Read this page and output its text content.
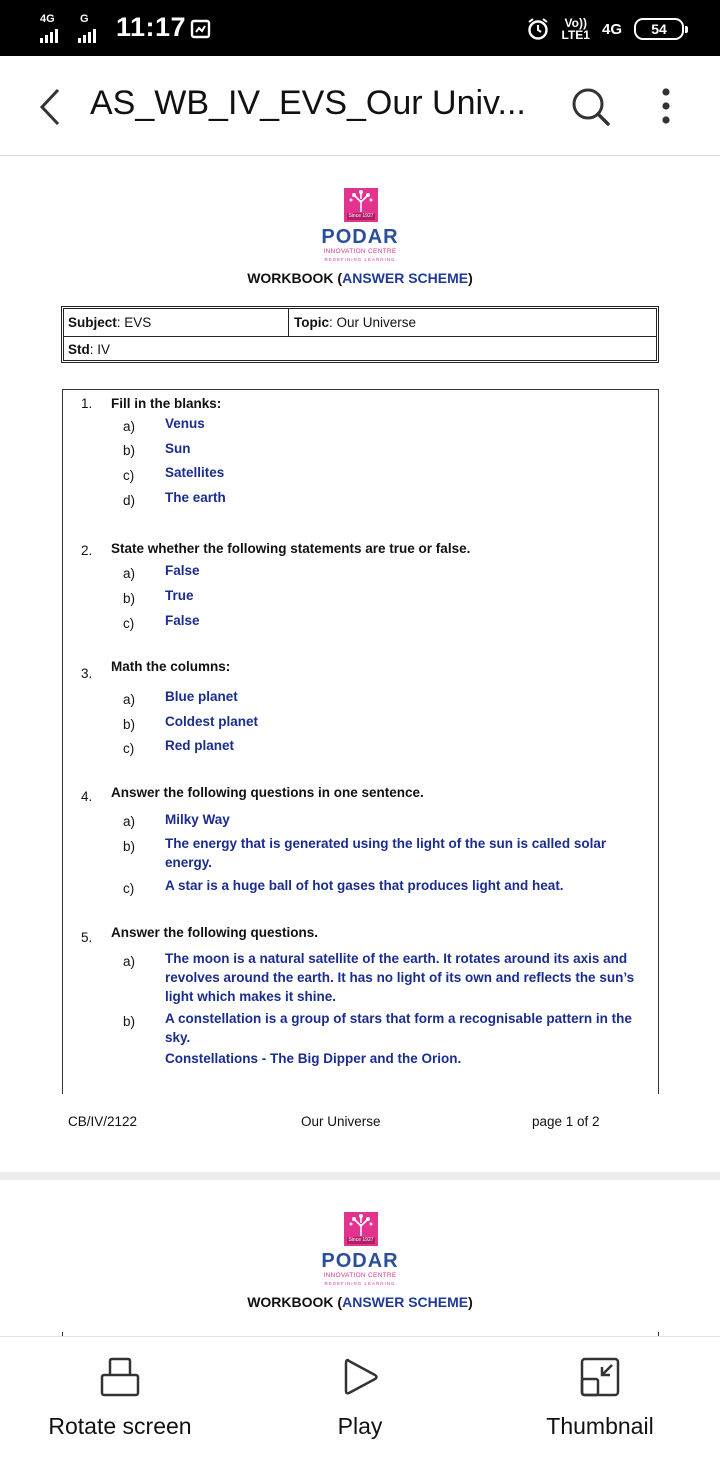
4G G 11:17	Vo))
LTE1 4G 54
AS_WB_IV_EVS_Our Univ...
Since 1927
PODAR
INNOVATION CENTRE
REDEFINING LEARNING
WORKBOOK (ANSWER SCHEME)
Subject: EVS	Topic: Our Universe
Std: IV
1.	Fill in the blanks:
a)	Venus
b)	Sun
c)	Satellites
d)	The earth
2.	State whether the following statements are true or false.
a)	False
b)	True
c)	False
3.	Math the columns:
a)	Blue planet
b)	Coldest planet
c)	Red planet
4.	Answer the following questions in one sentence.
a)	Milky Way
b)	The energy that is generated using the light of the sun is called solar energy.
c)	A star is a huge ball of hot gases that produces light and heat.
5.	Answer the following questions.
a)	The moon is a natural satellite of the earth. It rotates around its axis and revolves around the earth. It has no light of its own and reflects the sun’s light which makes it shine.
b)	A constellation is a group of stars that form a recognisable pattern in the sky.
Constellations - The Big Dipper and the Orion.
CB/IV/2122	Our Universe	page 1 of 2
Since 1927
PODAR
INNOVATION CENTRE
REDEFINING LEARNING
WORKBOOK (ANSWER SCHEME)
Rotate screen	Play	Thumbnail
